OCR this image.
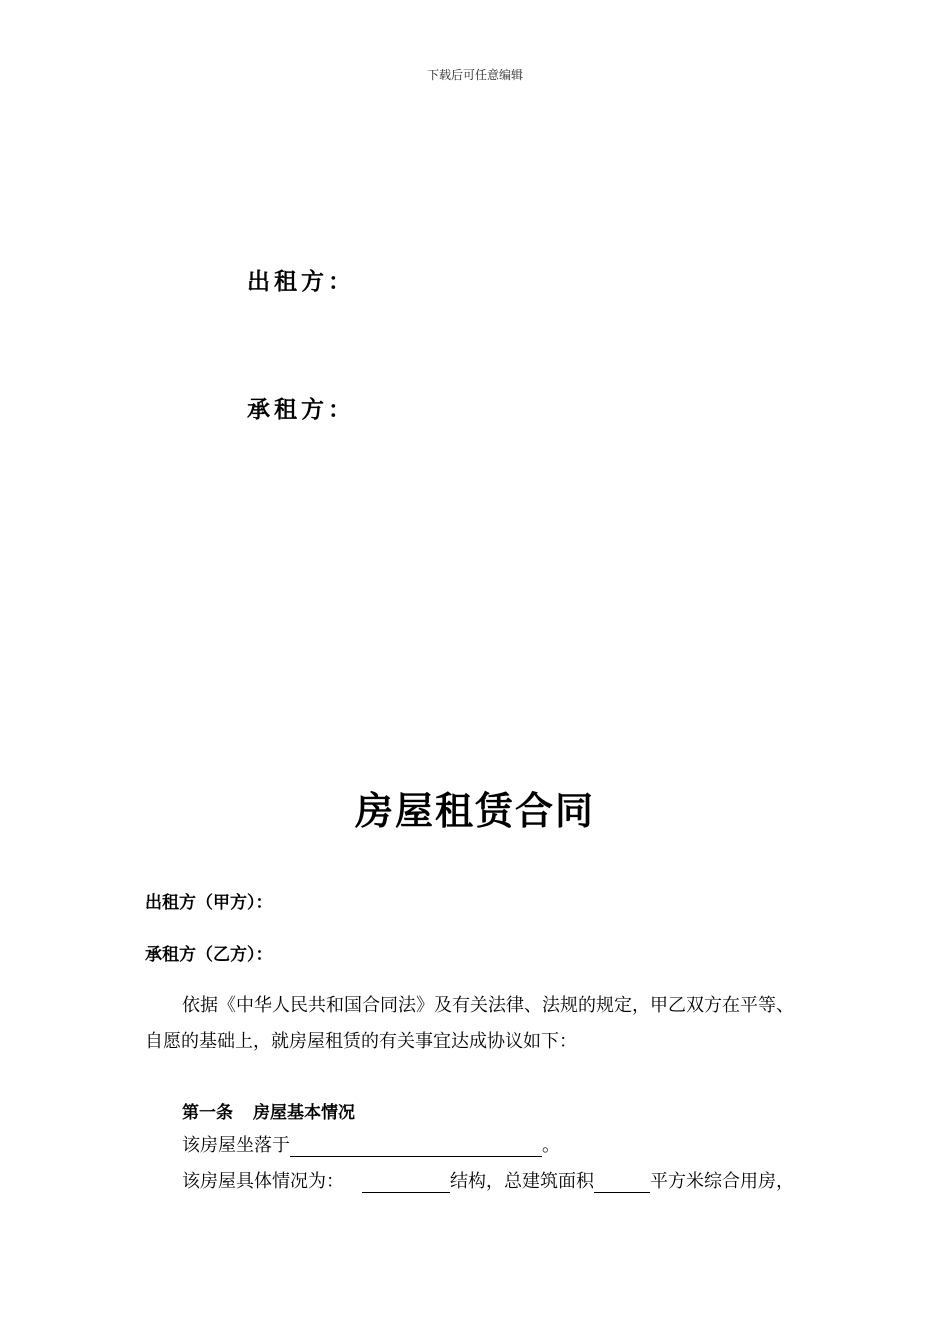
下载后可任意编辑
出租方：
承租方：
房屋租赁合同
出租方（甲方）：
承租方（乙方）：
依据《中华人民共和国合同法》及有关法律、法规的规定，甲乙双方在平等、自愿的基础上，就房屋租赁的有关事宜达成协议如下：
第一条 房屋基本情况
该房屋坐落于	。
该房屋具体情况为：	结构，总建筑面积	平方米综合用房，
